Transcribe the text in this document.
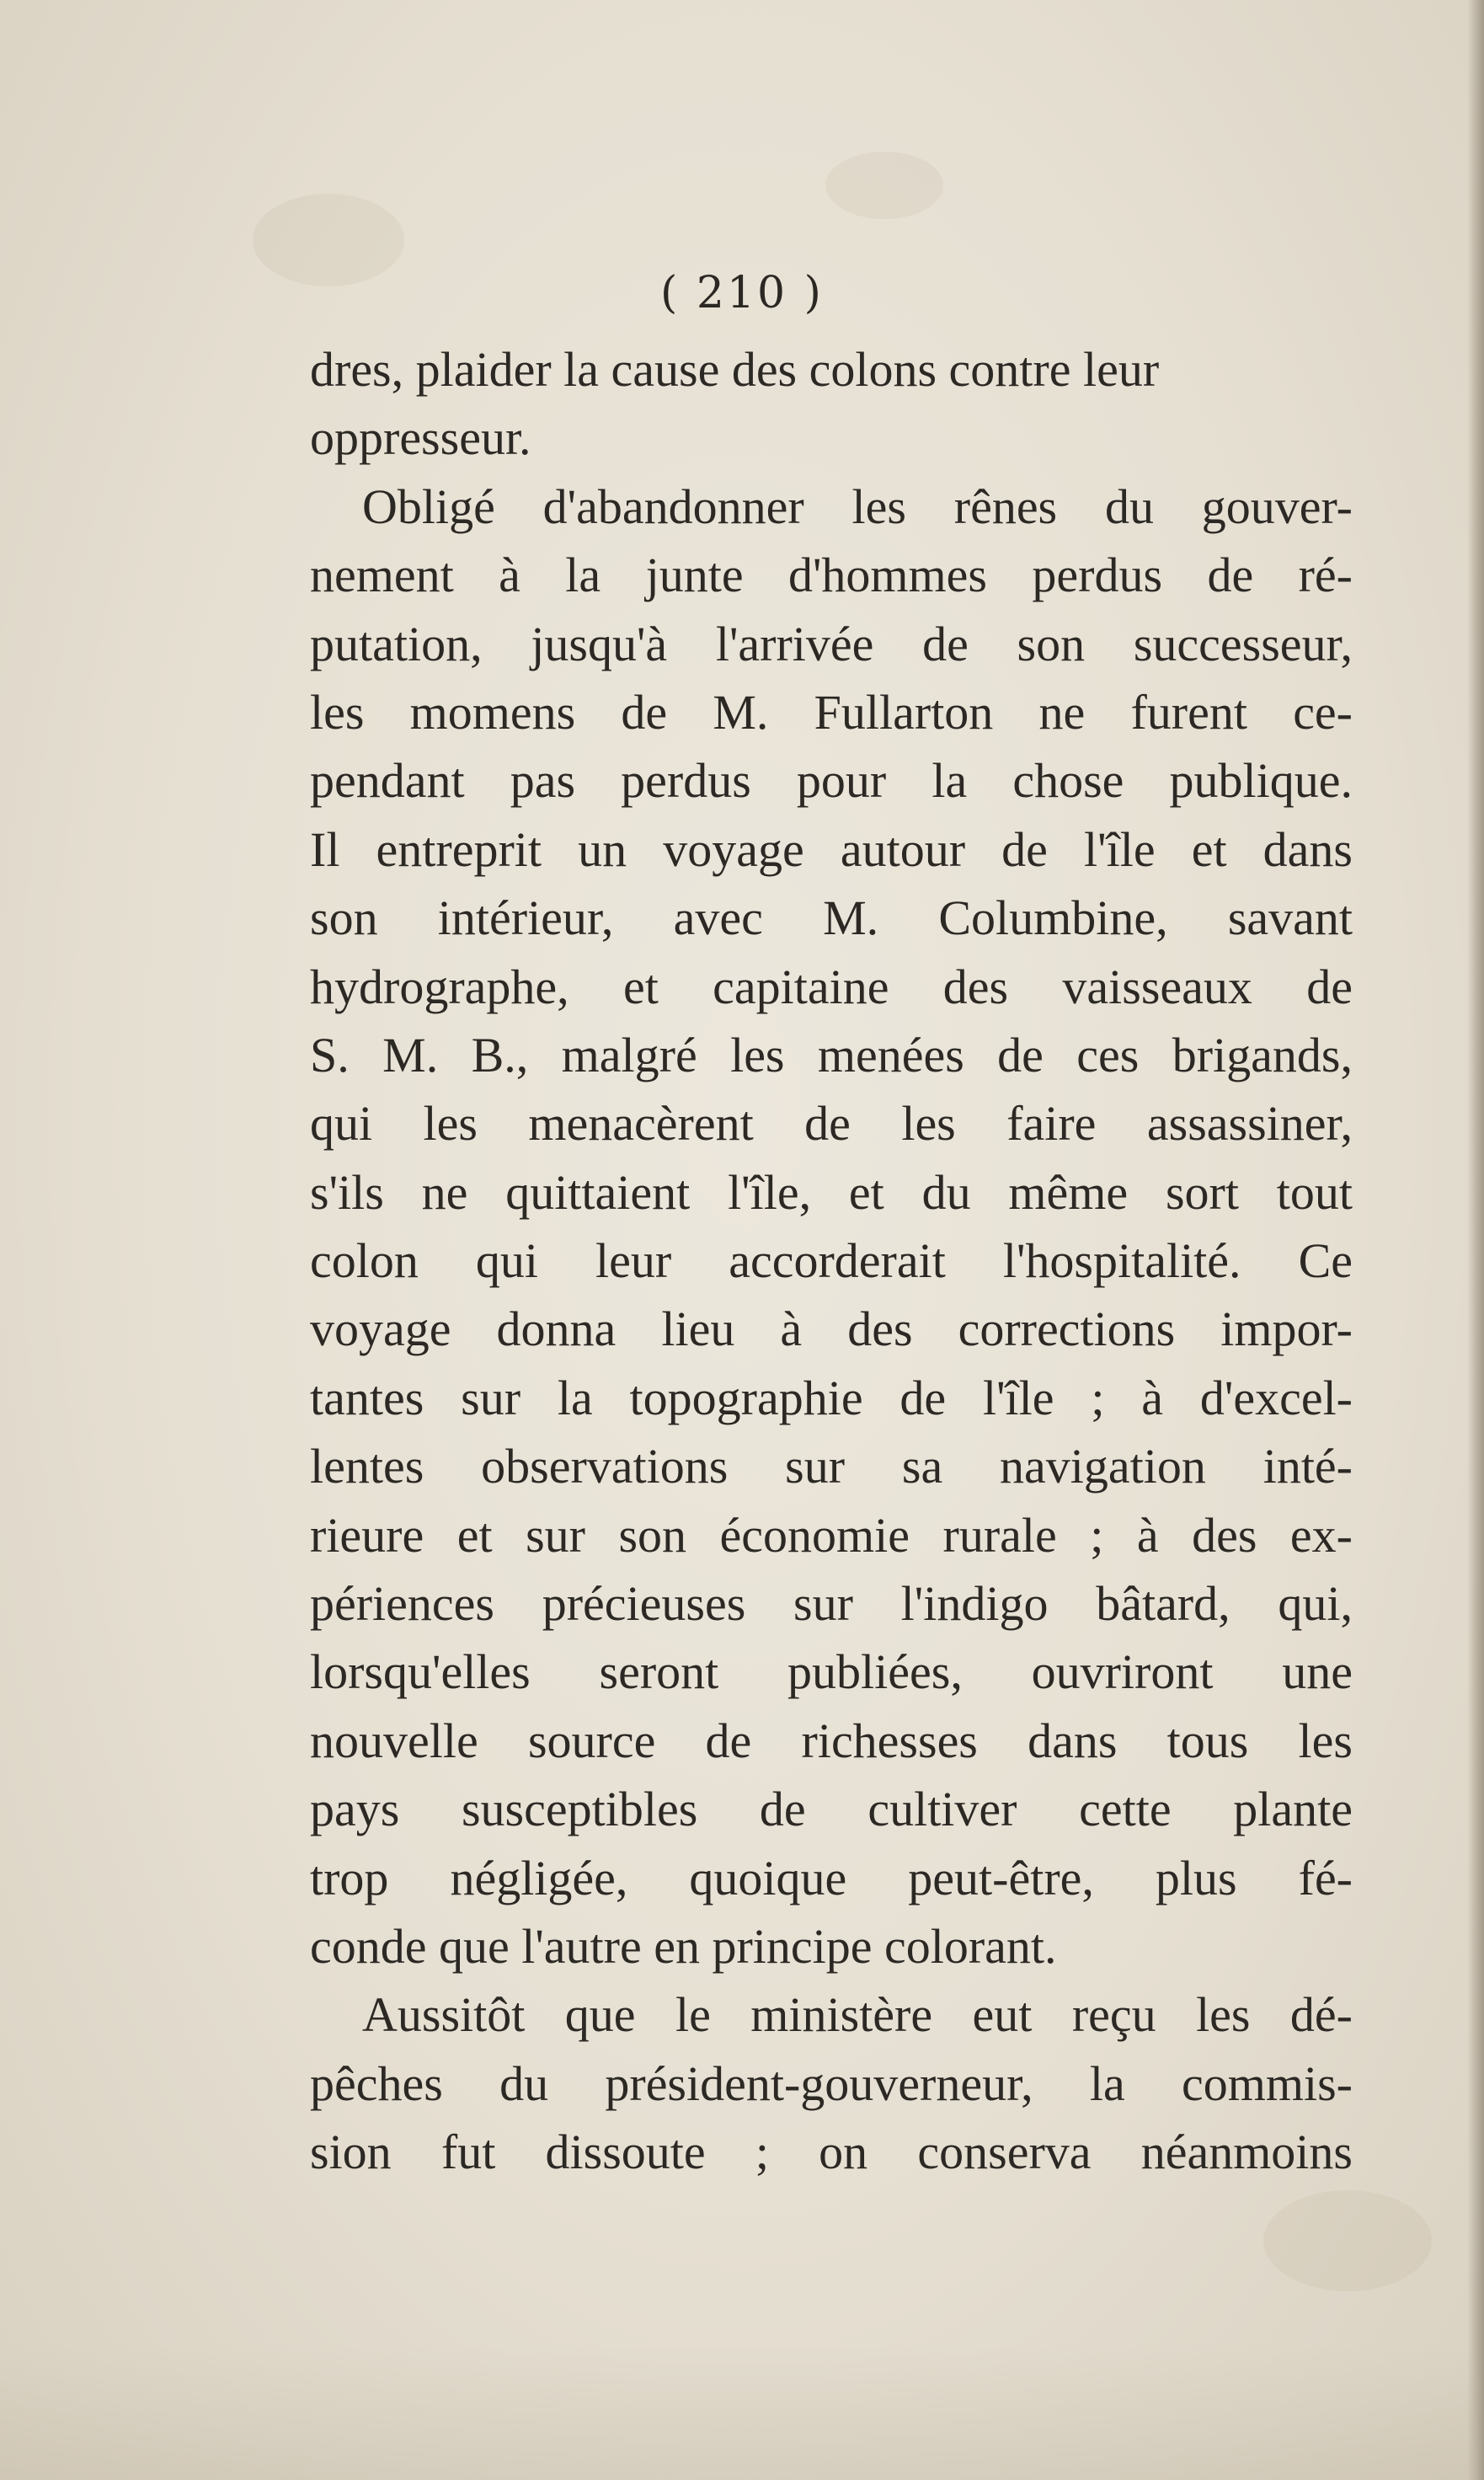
( 210 )
dres, plaider la cause des colons contre leur
oppresseur.
Obligé d'abandonner les rênes du gouver-
nement à la junte d'hommes perdus de ré-
putation, jusqu'à l'arrivée de son successeur,
les momens de M. Fullarton ne furent ce-
pendant pas perdus pour la chose publique.
Il entreprit un voyage autour de l'île et dans
son intérieur, avec M. Columbine, savant
hydrographe, et capitaine des vaisseaux de
S. M. B., malgré les menées de ces brigands,
qui les menacèrent de les faire assassiner,
s'ils ne quittaient l'île, et du même sort tout
colon qui leur accorderait l'hospitalité. Ce
voyage donna lieu à des corrections impor-
tantes sur la topographie de l'île ; à d'excel-
lentes observations sur sa navigation inté-
rieure et sur son économie rurale ; à des ex-
périences précieuses sur l'indigo bâtard, qui,
lorsqu'elles seront publiées, ouvriront une
nouvelle source de richesses dans tous les
pays susceptibles de cultiver cette plante
trop négligée, quoique peut-être, plus fé-
conde que l'autre en principe colorant.
Aussitôt que le ministère eut reçu les dé-
pêches du président-gouverneur, la commis-
sion fut dissoute ; on conserva néanmoins
